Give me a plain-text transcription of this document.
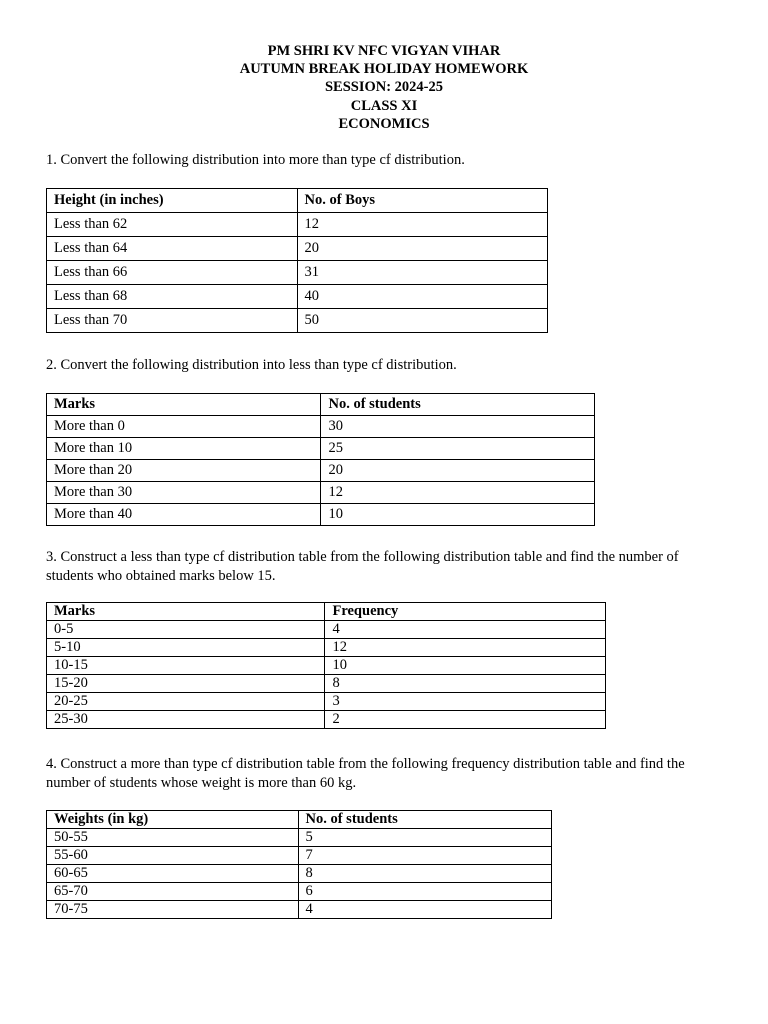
PM SHRI KV NFC VIGYAN VIHAR
AUTUMN BREAK HOLIDAY HOMEWORK
SESSION: 2024-25
CLASS XI
ECONOMICS
1. Convert the following distribution into more than type cf distribution.
Height (in inches)	No. of Boys
Less than 62	12
Less than 64	20
Less than 66	31
Less than 68	40
Less than 70	50
2. Convert the following distribution into less than type cf distribution.
Marks	No. of students
More than 0	30
More than 10	25
More than 20	20
More than 30	12
More than 40	10
3. Construct a less than type cf distribution table from the following distribution table and find the number of students who obtained marks below 15.
Marks	Frequency
0-5	4
5-10	12
10-15	10
15-20	8
20-25	3
25-30	2
4. Construct a more than type cf distribution table from the following frequency distribution table and find the number of students whose weight is more than 60 kg.
Weights (in kg)	No. of students
50-55	5
55-60	7
60-65	8
65-70	6
70-75	4
